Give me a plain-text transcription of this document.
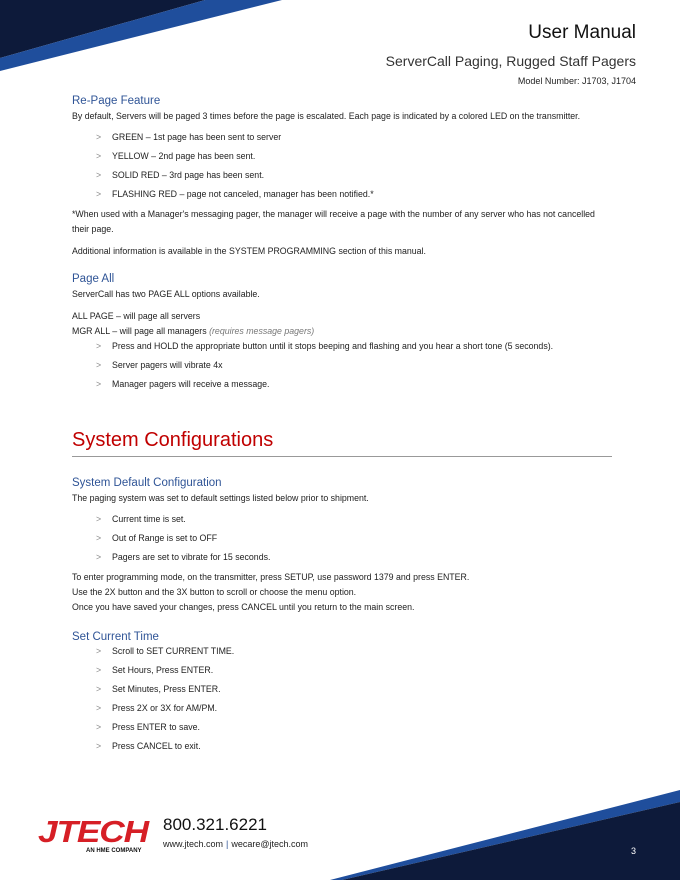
User Manual
ServerCall Paging, Rugged Staff Pagers
Model Number: J1703, J1704
Re-Page Feature

By default, Servers will be paged 3 times before the page is escalated. Each page is indicated by a colored LED on the transmitter.

> GREEN – 1st page has been sent to server
> YELLOW – 2nd page has been sent.
> SOLID RED – 3rd page has been sent.
> FLASHING RED – page not canceled, manager has been notified.*

*When used with a Manager's messaging pager, the manager will receive a page with the number of any server who has not cancelled their page.

Additional information is available in the SYSTEM PROGRAMMING section of this manual.

Page All

ServerCall has two PAGE ALL options available.

ALL PAGE – will page all servers

MGR ALL – will page all managers (requires message pagers)

> Press and HOLD the appropriate button until it stops beeping and flashing and you hear a short tone (5 seconds).
> Server pagers will vibrate 4x
> Manager pagers will receive a message.
System Configurations
System Default Configuration

The paging system was set to default settings listed below prior to shipment.

> Current time is set.
> Out of Range is set to OFF
> Pagers are set to vibrate for 15 seconds.

To enter programming mode, on the transmitter, press SETUP, use password 1379 and press ENTER.

Use the 2X button and the 3X button to scroll or choose the menu option.

Once you have saved your changes, press CANCEL until you return to the main screen.

Set Current Time
> Scroll to SET CURRENT TIME.
> Set Hours, Press ENTER.
> Set Minutes, Press ENTER.
> Press 2X or 3X for AM/PM.
> Press ENTER to save.
> Press CANCEL to exit.
JTECH
AN HME COMPANY
800.321.6221
www.jtech.com | wecare@jtech.com
3
